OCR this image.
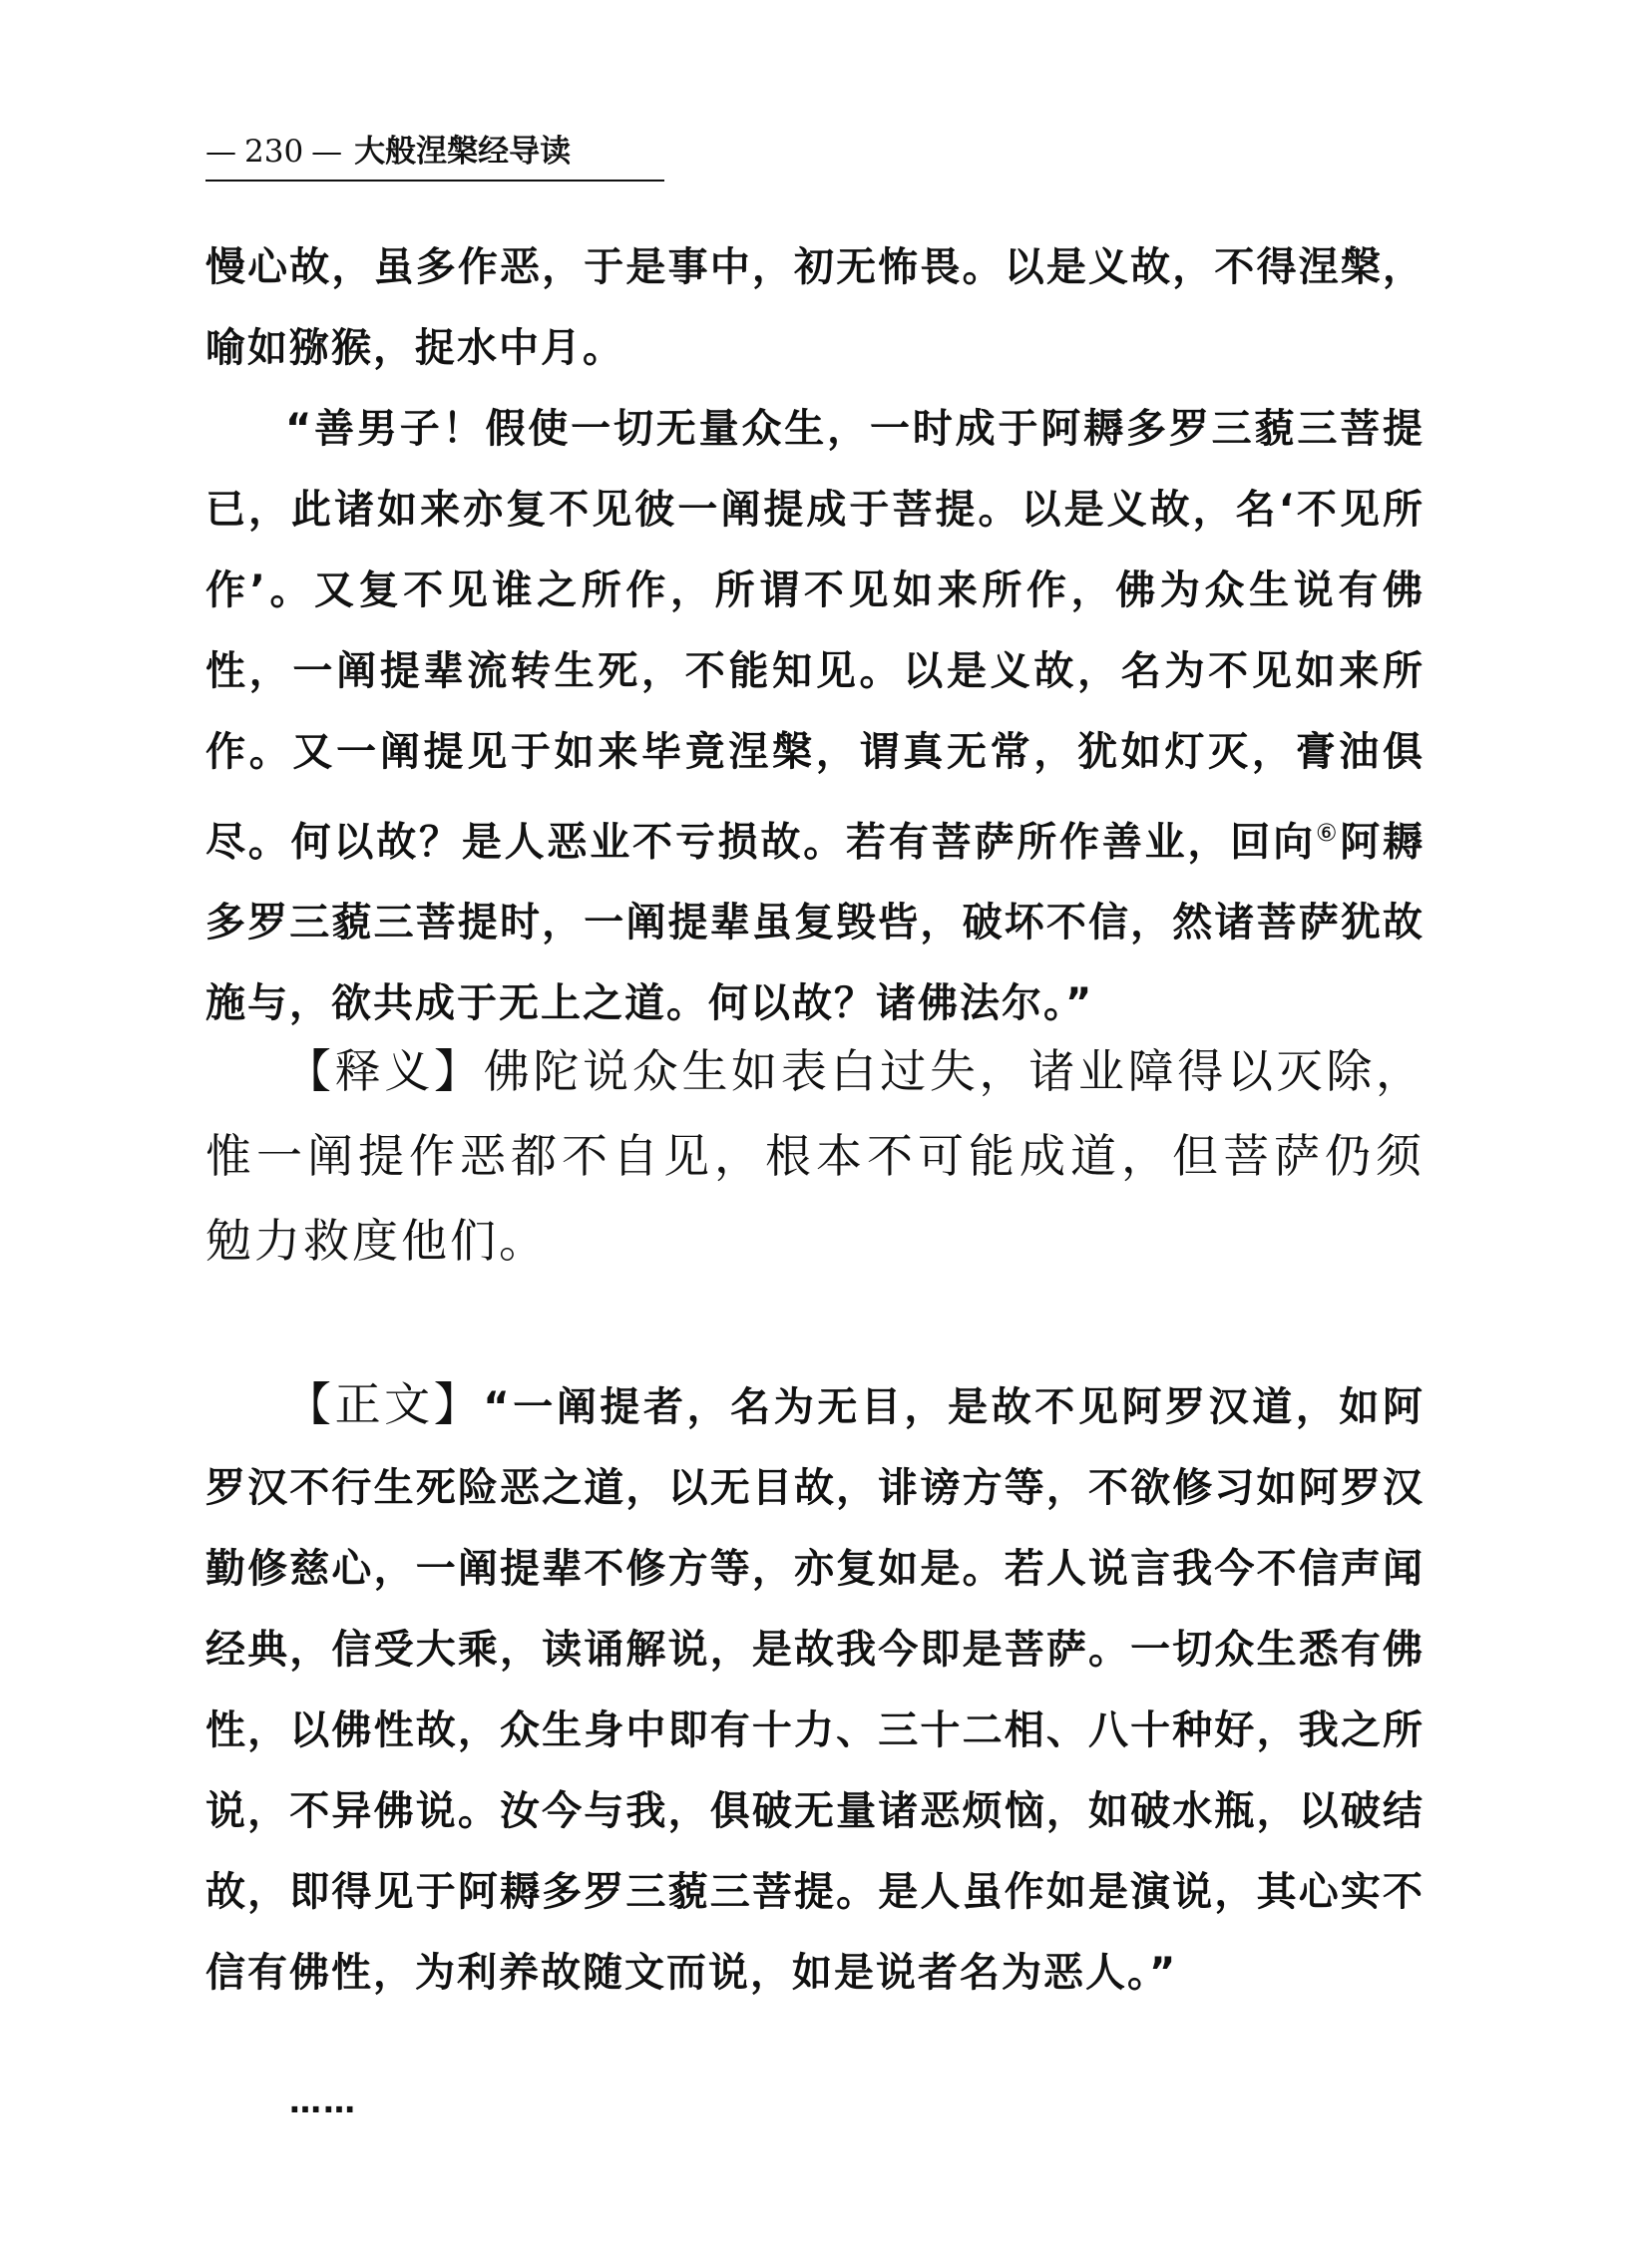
— 230 — 大般涅槃经导读

慢心故，虽多作恶，于是事中，初无怖畏。以是义故，不得涅槃，喻如猕猴，捉水中月。

“善男子！假使一切无量众生，一时成于阿耨多罗三藐三菩提已，此诸如来亦复不见彼一阐提成于菩提。以是义故，名‘不见所作’。又复不见谁之所作，所谓不见如来所作，佛为众生说有佛性，一阐提辈流转生死，不能知见。以是义故，名为不见如来所作。又一阐提见于如来毕竟涅槃，谓真无常，犹如灯灭，膏油俱尽。何以故？是人恶业不亏损故。若有菩萨所作善业，回向⑥阿耨多罗三藐三菩提时，一阐提辈虽复毁呰，破坏不信，然诸菩萨犹故施与，欲共成于无上之道。何以故？诸佛法尔。”

【释义】佛陀说众生如表白过失，诸业障得以灭除，惟一阐提作恶都不自见，根本不可能成道，但菩萨仍须勉力救度他们。

【正文】“一阐提者，名为无目，是故不见阿罗汉道，如阿罗汉不行生死险恶之道，以无目故，诽谤方等，不欲修习如阿罗汉勤修慈心，一阐提辈不修方等，亦复如是。若人说言我今不信声闻经典，信受大乘，读诵解说，是故我今即是菩萨。一切众生悉有佛性，以佛性故，众生身中即有十力、三十二相、八十种好，我之所说，不异佛说。汝今与我，俱破无量诸恶烦恼，如破水瓶，以破结故，即得见于阿耨多罗三藐三菩提。是人虽作如是演说，其心实不信有佛性，为利养故随文而说，如是说者名为恶人。”

……
